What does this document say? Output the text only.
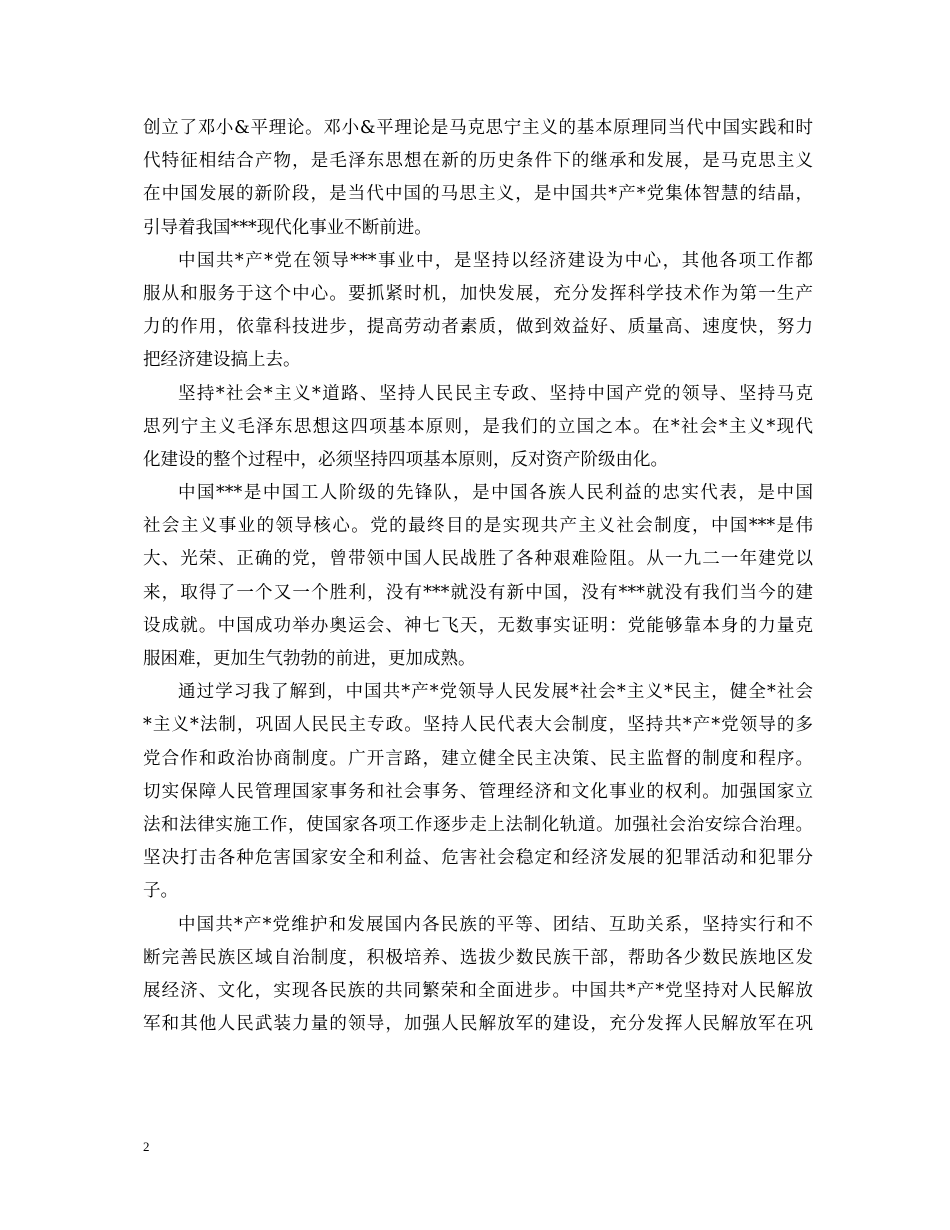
创立了邓小&平理论。邓小&平理论是马克思宁主义的基本原理同当代中国实践和时
代特征相结合产物，是毛泽东思想在新的历史条件下的继承和发展，是马克思主义
在中国发展的新阶段，是当代中国的马思主义，是中国共*产*党集体智慧的结晶，
引导着我国***现代化事业不断前进。
中国共*产*党在领导***事业中，是坚持以经济建设为中心，其他各项工作都
服从和服务于这个中心。要抓紧时机，加快发展，充分发挥科学技术作为第一生产
力的作用，依靠科技进步，提高劳动者素质，做到效益好、质量高、速度快，努力
把经济建设搞上去。
坚持*社会*主义*道路、坚持人民民主专政、坚持中国产党的领导、坚持马克
思列宁主义毛泽东思想这四项基本原则，是我们的立国之本。在*社会*主义*现代
化建设的整个过程中，必须坚持四项基本原则，反对资产阶级由化。
中国***是中国工人阶级的先锋队，是中国各族人民利益的忠实代表，是中国
社会主义事业的领导核心。党的最终目的是实现共产主义社会制度，中国***是伟
大、光荣、正确的党，曾带领中国人民战胜了各种艰难险阻。从一九二一年建党以
来，取得了一个又一个胜利，没有***就没有新中国，没有***就没有我们当今的建
设成就。中国成功举办奥运会、神七飞天，无数事实证明：党能够靠本身的力量克
服困难，更加生气勃勃的前进，更加成熟。
通过学习我了解到，中国共*产*党领导人民发展*社会*主义*民主，健全*社会
*主义*法制，巩固人民民主专政。坚持人民代表大会制度，坚持共*产*党领导的多
党合作和政治协商制度。广开言路，建立健全民主决策、民主监督的制度和程序。
切实保障人民管理国家事务和社会事务、管理经济和文化事业的权利。加强国家立
法和法律实施工作，使国家各项工作逐步走上法制化轨道。加强社会治安综合治理。
坚决打击各种危害国家安全和利益、危害社会稳定和经济发展的犯罪活动和犯罪分
子。
中国共*产*党维护和发展国内各民族的平等、团结、互助关系，坚持实行和不
断完善民族区域自治制度，积极培养、选拔少数民族干部，帮助各少数民族地区发
展经济、文化，实现各民族的共同繁荣和全面进步。中国共*产*党坚持对人民解放
军和其他人民武装力量的领导，加强人民解放军的建设，充分发挥人民解放军在巩
2
